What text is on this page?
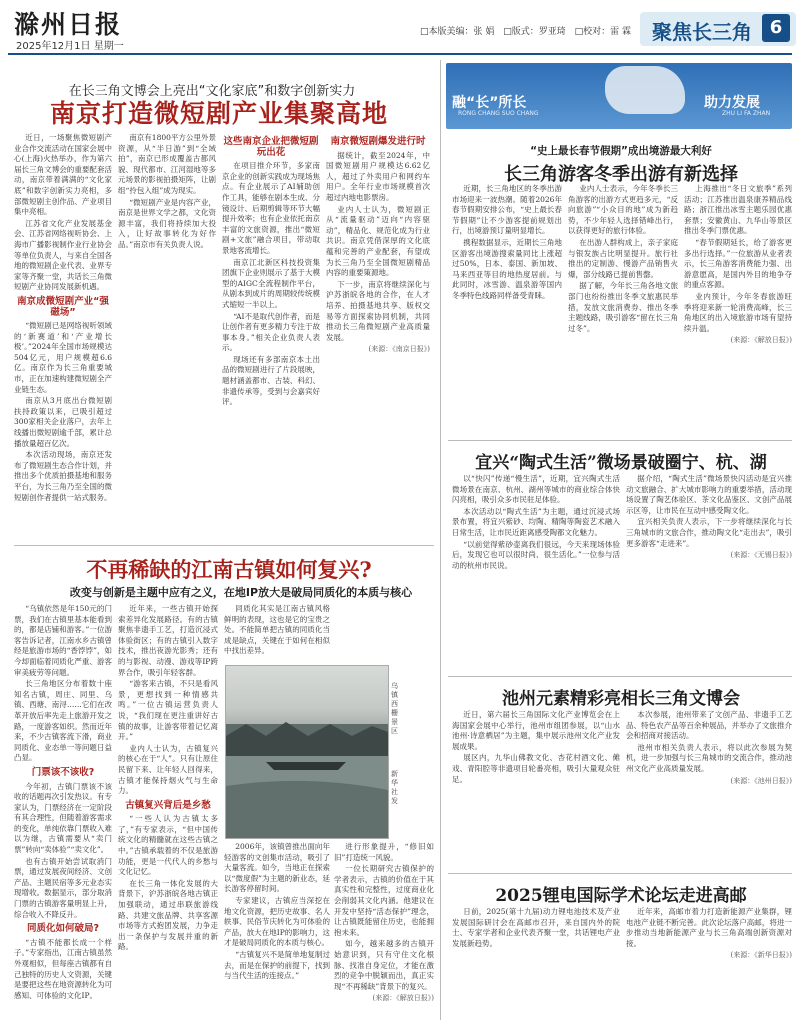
滁州日报
2025年12月1日 星期一
□本版美编：张 娟 □版式：罗亚琦 □校对：雷 霖	聚焦长三角 6
在长三角文博会上亮出“文化家底”和数字创新实力
南京打造微短剧产业集聚高地

近日，一场聚焦微短剧产业合作交流活动在国家会展中心(上海)火热举办，作为第六届长三角文博会的重要配套活动，南京带着满满的“文化家底”和数字创新实力亮相，多部微短剧主创作品、产业项目集中亮相。

江苏省文化产业发展基金会、江苏省网络视听协会、上海市广播影视制作业行业协会等单位负责人，与来自全国各地的微短剧企业代表、业界专家等齐聚一堂，共话长三角微短剧产业协同发展新机遇。

南京成微短剧产业“强磁场”

“微短剧已是网络视听领域的‘新赛道’和‘产业增长极’。”2024年全国市场规模达504亿元，用户规模超6.6亿。南京作为长三角重要城市，正在加速构建微短剧全产业链生态。

南京从3月底出台微短剧扶持政策以来，已吸引超过300家相关企业落户，去年上线播出微短剧逾千部，累计总播放量超百亿次。

本次活动现场，南京还发布了微短剧生态合作计划，并推出多个优质拍摄基地和服务平台，为长三角乃至全国的微短剧创作者提供一站式服务。

南京有1800平方公里外景资源，从“半日游”到“全域拍”，南京已形成覆盖古都风貌、现代都市、江河湿地等多元场景的影视拍摄矩阵，让剧组“拎包入组”成为现实。

“微短剧产业是内容产业，南京是世界文学之都，文化资源丰富，我们将持续加大投入，让好故事转化为好作品。”南京市有关负责人说。

这些南京企业把微短剧玩出花

在项目推介环节，多家南京企业的创新实践成为现场焦点。有企业展示了AI辅助创作工具，能够在剧本生成、分镜设计、后期剪辑等环节大幅提升效率；也有企业依托南京丰富的文旅资源，推出“微短剧+文旅”融合项目，带动取景地客流增长。

南京江北新区科技投资集团旗下企业则展示了基于大模型的AIGC全流程制作平台，从剧本到成片的周期较传统模式缩短一半以上。

“AI不是取代创作者，而是让创作者有更多精力专注于故事本身。”相关企业负责人表示。

现场还有多部南京本土出品的微短剧进行了片段展映，题材涵盖都市、古装、科幻、非遗传承等，受到与会嘉宾好评。

南京微短剧爆发进行时

据统计，截至2024年，中国微短剧用户规模达6.62亿人，超过了外卖用户和网约车用户。全年行业市场规模首次超过内地电影票房。

业内人士认为，微短剧正从“流量驱动”迈向“内容驱动”，精品化、规范化成为行业共识。南京凭借深厚的文化底蕴和完善的产业配套，有望成为长三角乃至全国微短剧精品内容的重要策源地。

下一步，南京将继续深化与沪苏浙皖各地的合作，在人才培养、拍摄基地共享、版权交易等方面探索协同机制，共同推动长三角微短剧产业高质量发展。

(来源：《南京日报》)
不再稀缺的江南古镇如何复兴?
改变与创新是主题中应有之义，在地IP放大是破局同质化的本质与核心

“乌镇依然是年150元的门票，我们在古镇里基本能看到的，都是店铺和游客。”一位游客告诉记者，江南水乡古镇曾经是旅游市场的“香饽饽”，如今却面临着同质化严重、游客审美疲劳等问题。

长三角地区分布着数十座知名古镇，周庄、同里、乌镇、西塘、南浔……它们在改革开放后率先走上旅游开发之路，一度游客如织。然而近年来，不少古镇客流下滑，商业同质化、业态单一等问题日益凸显。

门票该不该收?

今年初，古镇门票该不该收的话题再次引发热议。有专家认为，门票经济在一定阶段有其合理性，但随着游客需求的变化，单纯依靠门票收入难以为继，古镇需要从“卖门票”转向“卖体验”“卖文化”。

也有古镇开始尝试取消门票，通过发展夜间经济、文创产品、主题民宿等多元业态实现增收。数据显示，部分取消门票的古镇游客量明显上升，综合收入不降反升。

同质化如何破局?

“古镇不能都长成一个样子。”专家指出，江南古镇虽然外观相似，但每座古镇都有自己独特的历史人文资源，关键是要把这些在地资源转化为可感知、可体验的文化IP。

近年来，一些古镇开始探索差异化发展路径。有的古镇聚焦非遗手工艺，打造沉浸式体验街区；有的古镇引入数字技术，推出夜游光影秀；还有的与影视、动漫、游戏等IP跨界合作，吸引年轻客群。

“游客来古镇，不只是看风景，更想找到一种情感共鸣。”一位古镇运营负责人说，“我们现在更注重讲好古镇的故事，让游客带着记忆离开。”

业内人士认为，古镇复兴的核心在于“人”。只有让原住民留下来、让年轻人回得来，古镇才能保持烟火气与生命力。

古镇复兴背后是乡愁

“一些人认为古镇太多了，”有专家表示，“但中国传统文化的精髓就在这些古镇之中。”古镇承载着的不仅是旅游功能，更是一代代人的乡愁与文化记忆。

在长三角一体化发展的大背景下，沪苏浙皖各地古镇正加强联动，通过串联旅游线路、共建文旅品牌、共享客源市场等方式抱团发展，力争走出一条保护与发展并重的新路。

同质化其实是江南古镇风格鲜明的表现，这也是它的宝贵之处。不能简单把古镇的同质化当成是缺点，关键在于如何在相似中找出差异。

乌镇西栅景区
新华社发

2006年，该镇曾推出面向年轻游客的文创集市活动，吸引了大量客流。如今，当地正在探索以“微度假”为主题的新业态，延长游客停留时间。

专家建议，古镇应当深挖在地文化资源，把历史故事、名人轶事、民俗节庆转化为可体验的产品，放大在地IP的影响力，这才是破局同质化的本质与核心。

“古镇复兴不是简单地复制过去，而是在保护的前提下，找到与当代生活的连接点。”

进行形象提升，“修旧如旧”打造统一风貌。

一位长期研究古镇保护的学者表示，古镇的价值在于其真实性和完整性，过度商业化会削弱其文化内涵。他建议在开发中坚持“活态保护”理念，让古镇既能留住历史，也能拥抱未来。

如今，越来越多的古镇开始意识到，只有守住文化根脉、找准自身定位，才能在激烈的竞争中脱颖而出，真正实现“不再稀缺”背景下的复兴。

(来源：《解放日报》)
融“长”所长
RONG CHANG SUO CHANG
助力发展
ZHU LI FA ZHAN
“史上最长春节假期”成出境游最大利好
长三角游客冬季出游有新选择

近期，长三角地区的冬季出游市场迎来一波热潮。随着2026年春节假期安排公布，“史上最长春节假期”让不少游客提前规划出行，出境游预订量明显增长。

携程数据显示，近期长三角地区游客出境游搜索量同比上涨超过50%，日本、泰国、新加坡、马来西亚等目的地热度居前。与此同时，冰雪游、温泉游等国内冬季特色线路同样备受青睐。

业内人士表示，今年冬季长三角游客的出游方式更趋多元，“反向旅游”“小众目的地”成为新趋势，不少年轻人选择错峰出行，以获得更好的旅行体验。

在出游人群构成上，亲子家庭与银发族占比明显提升。旅行社推出的定制游、慢游产品销售火爆，部分线路已提前售罄。

据了解，今年长三角各地文旅部门也纷纷推出冬季文旅惠民举措，发放文旅消费券、推出冬季主题线路，吸引游客“留在长三角过冬”。

上海推出“冬日文旅季”系列活动；江苏推出温泉康养精品线路；浙江推出冰雪主题乐园优惠套票；安徽黄山、九华山等景区推出冬季门票优惠。

“春节假期延长，给了游客更多出行选择。”一位旅游从业者表示，长三角游客消费能力强、出游意愿高，是国内外目的地争夺的重点客源。

业内预计，今年冬春旅游旺季将迎来新一轮消费高峰，长三角地区的出入境旅游市场有望持续升温。

(来源：《解放日报》)
宜兴“陶式生活”微场景破圈宁、杭、湖

以“快闪”传递“慢生活”，近期，宜兴陶式生活微场景在南京、杭州、湖州等城市的商业综合体快闪亮相，吸引众多市民驻足体验。

本次活动以“陶式生活”为主题，通过沉浸式场景布置，将宜兴紫砂、均陶、精陶等陶瓷艺术融入日常生活，让市民近距离感受陶都文化魅力。

“以前觉得紫砂壶离我们很远，今天来现场体验后，发现它也可以很时尚、很生活化。”一位参与活动的杭州市民说。

据介绍，“陶式生活”微场景快闪活动是宜兴推动文旅融合、扩大城市影响力的重要举措，活动现场设置了陶艺体验区、茶文化品鉴区、文创产品展示区等，让市民在互动中感受陶文化。

宜兴相关负责人表示，下一步将继续深化与长三角城市的文旅合作，推动陶文化“走出去”，吸引更多游客“走进来”。

(来源：《无锡日报》)
池州元素精彩亮相长三角文博会

近日，第六届长三角国际文化产业博览会在上海国家会展中心举行，池州市组团参展，以“山水池州·诗意栖居”为主题，集中展示池州文化产业发展成果。

展区内，九华山佛教文化、杏花村酒文化、傩戏、青阳腔等非遗项目轮番亮相，吸引大量观众驻足。

本次参展，池州带来了文创产品、非遗手工艺品、特色农产品等百余种展品，并举办了文旅推介会和招商对接活动。

池州市相关负责人表示，将以此次参展为契机，进一步加强与长三角城市的交流合作，推动池州文化产业高质量发展。

(来源：《池州日报》)
2025锂电国际学术论坛走进高邮

日前，2025(第十九届)动力锂电池技术及产业发展国际研讨会在高邮市召开，来自国内外的院士、专家学者和企业代表齐聚一堂，共话锂电产业发展新趋势。

近年来，高邮市着力打造新能源产业集群，锂电池产业链不断完善。此次论坛落户高邮，将进一步推动当地新能源产业与长三角高端创新资源对接。

(来源：《新华日报》)
